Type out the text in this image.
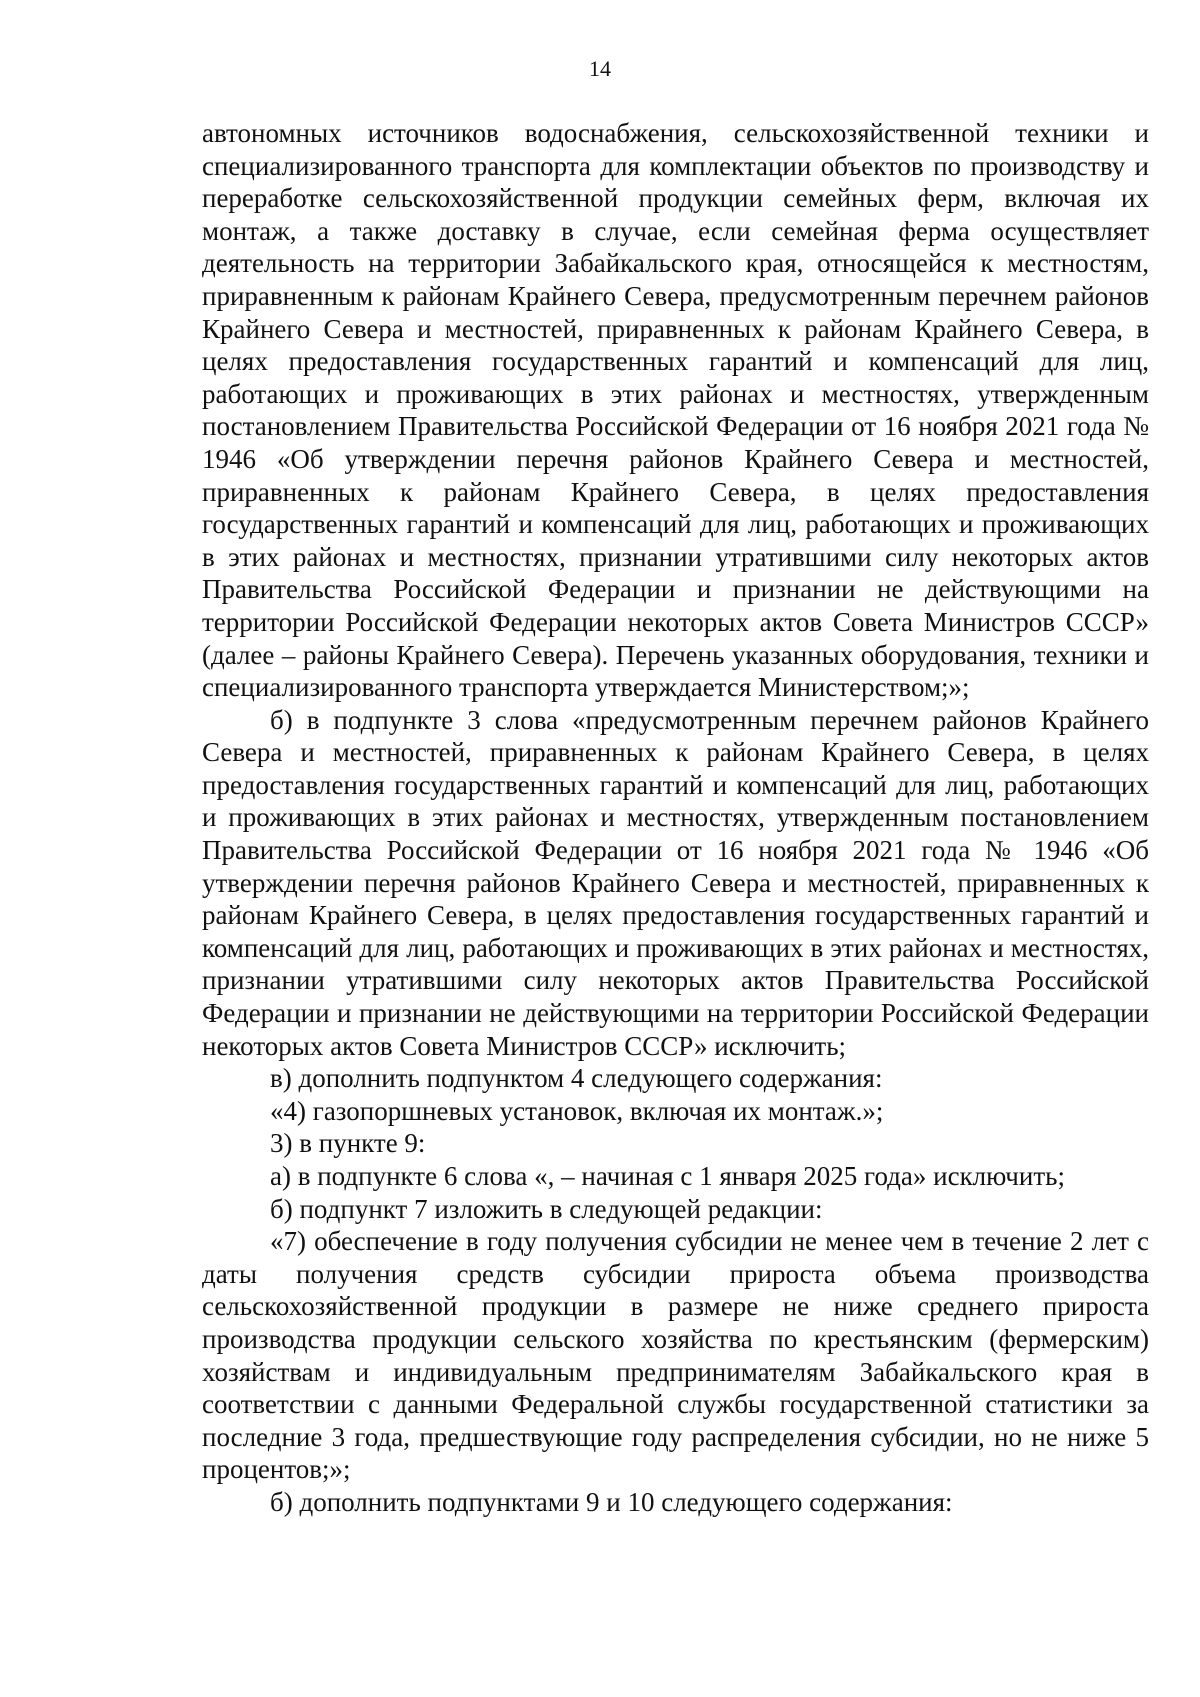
14

автономных источников водоснабжения, сельскохозяйственной техники и специализированного транспорта для комплектации объектов по производству и переработке сельскохозяйственной продукции семейных ферм, включая их монтаж, а также доставку в случае, если семейная ферма осуществляет деятельность на территории Забайкальского края, относящейся к местностям, приравненным к районам Крайнего Севера, предусмотренным перечнем районов Крайнего Севера и местностей, приравненных к районам Крайнего Севера, в целях предоставления государственных гарантий и компенсаций для лиц, работающих и проживающих в этих районах и местностях, утвержденным постановлением Правительства Российской Федерации от 16 ноября 2021 года № 1946 «Об утверждении перечня районов Крайнего Севера и местностей, приравненных к районам Крайнего Севера, в целях предоставления государственных гарантий и компенсаций для лиц, работающих и проживающих в этих районах и местностях, признании утратившими силу некоторых актов Правительства Российской Федерации и признании не действующими на территории Российской Федерации некоторых актов Совета Министров СССР» (далее – районы Крайнего Севера). Перечень указанных оборудования, техники и специализированного транспорта утверждается Министерством;»;

б) в подпункте 3 слова «предусмотренным перечнем районов Крайнего Севера и местностей, приравненных к районам Крайнего Севера, в целях предоставления государственных гарантий и компенсаций для лиц, работающих и проживающих в этих районах и местностях, утвержденным постановлением Правительства Российской Федерации от 16 ноября 2021 года № 1946 «Об утверждении перечня районов Крайнего Севера и местностей, приравненных к районам Крайнего Севера, в целях предоставления государственных гарантий и компенсаций для лиц, работающих и проживающих в этих районах и местностях, признании утратившими силу некоторых актов Правительства Российской Федерации и признании не действующими на территории Российской Федерации некоторых актов Совета Министров СССР» исключить;

в) дополнить подпунктом 4 следующего содержания:

«4) газопоршневых установок, включая их монтаж.»;

3) в пункте 9:

а) в подпункте 6 слова «, – начиная с 1 января 2025 года» исключить;

б) подпункт 7 изложить в следующей редакции:

«7) обеспечение в году получения субсидии не менее чем в течение 2 лет с даты получения средств субсидии прироста объема производства сельскохозяйственной продукции в размере не ниже среднего прироста производства продукции сельского хозяйства по крестьянским (фермерским) хозяйствам и индивидуальным предпринимателям Забайкальского края в соответствии с данными Федеральной службы государственной статистики за последние 3 года, предшествующие году распределения субсидии, но не ниже 5 процентов;»;

б) дополнить подпунктами 9 и 10 следующего содержания:
